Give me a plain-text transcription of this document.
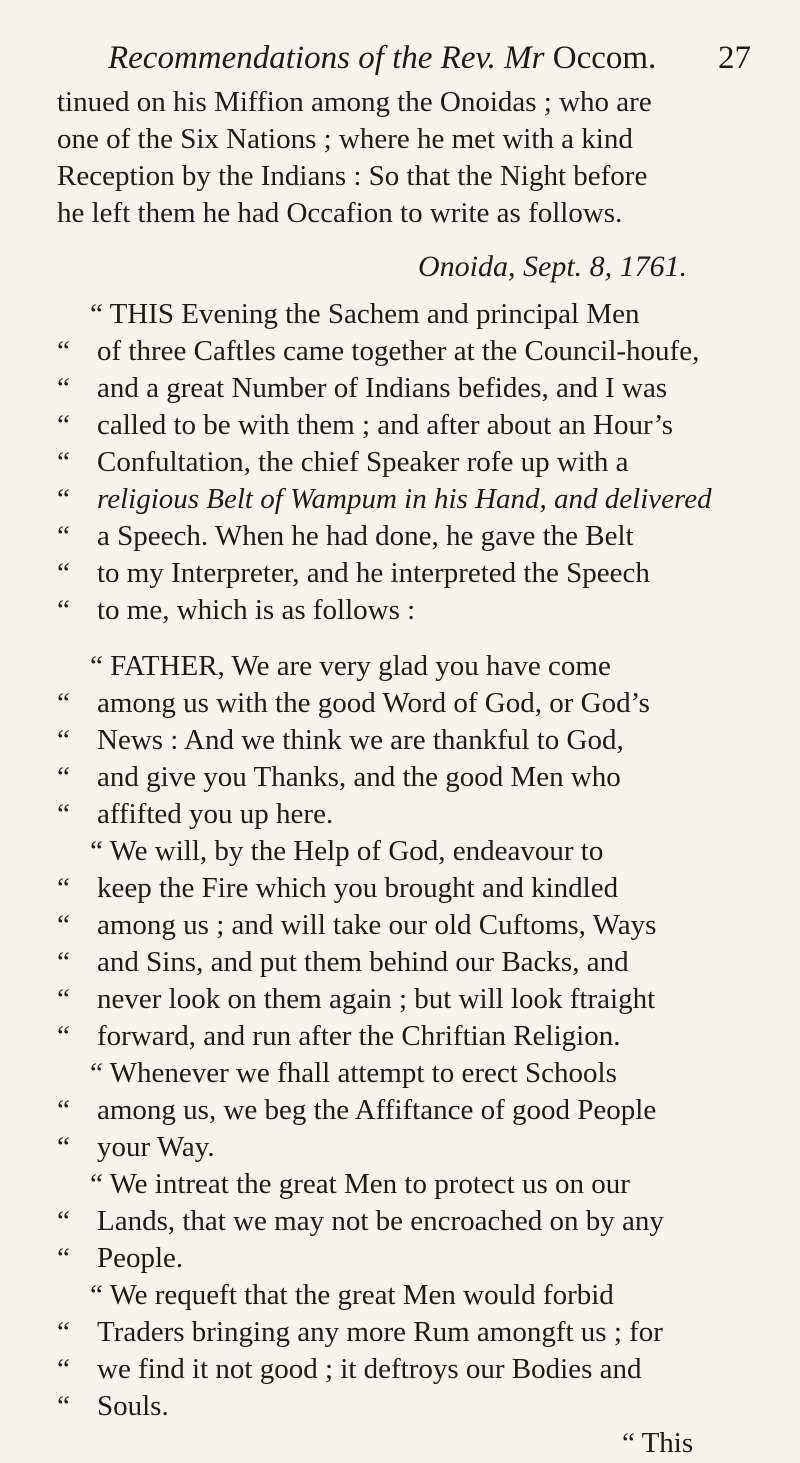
Recommendations of the Rev. Mr Occom. 27
tinued on his Miffion among the Onoidas ; who are
one of the Six Nations ; where he met with a kind
Reception by the Indians : So that the Night before
he left them he had Occafion to write as follows.
Onoida, Sept. 8, 1761.
“ THIS Evening the Sachem and principal Men
“ of three Caftles came together at the Council-houfe,
“ and a great Number of Indians befides, and I was
“ called to be with them ; and after about an Hour’s
“ Confultation, the chief Speaker rofe up with a
“ religious Belt of Wampum in his Hand, and delivered
“ a Speech. When he had done, he gave the Belt
“ to my Interpreter, and he interpreted the Speech
“ to me, which is as follows :
“ FATHER, We are very glad you have come
“ among us with the good Word of God, or God’s
“ News : And we think we are thankful to God,
“ and give you Thanks, and the good Men who
“ affifted you up here.
“ We will, by the Help of God, endeavour to
“ keep the Fire which you brought and kindled
“ among us ; and will take our old Cuftoms, Ways
“ and Sins, and put them behind our Backs, and
“ never look on them again ; but will look ftraight
“ forward, and run after the Chriftian Religion.
“ Whenever we fhall attempt to erect Schools
“ among us, we beg the Affiftance of good People
“ your Way.
“ We intreat the great Men to protect us on our
“ Lands, that we may not be encroached on by any
“ People.
“ We requeft that the great Men would forbid
“ Traders bringing any more Rum amongft us ; for
“ we find it not good ; it deftroys our Bodies and
“ Souls.
“ This
